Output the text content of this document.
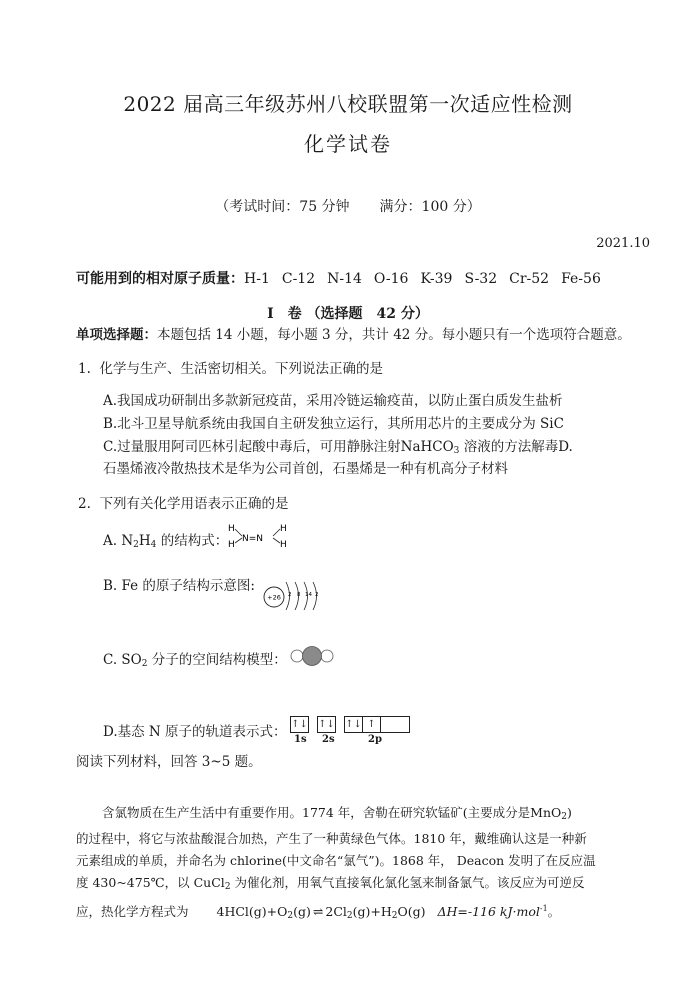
2022 届高三年级苏州八校联盟第一次适应性检测
化学试卷
（考试时间：75 分钟 满分：100 分）
2021.10
可能用到的相对原子质量：H-1 C-12 N-14 O-16 K-39 S-32 Cr-52 Fe-56
I　卷 （选择题　42 分）
单项选择题：本题包括 14 小题，每小题 3 分，共计 42 分。每小题只有一个选项符合题意。
1. 化学与生产、生活密切相关。下列说法正确的是
A.我国成功研制出多款新冠疫苗，采用冷链运输疫苗，以防止蛋白质发生盐析
B.北斗卫星导航系统由我国自主研发独立运行，其所用芯片的主要成分为 SiC
C.过量服用阿司匹林引起酸中毒后，可用静脉注射NaHCO$_3$ 溶液的方法解毒D.
石墨烯液冷散热技术是华为公司首创，石墨烯是一种有机高分子材料
2. 下列有关化学用语表示正确的是
A. $N_2H_4$ 的结构式：
H
H
N=N
H
H
B. Fe 的原子结构示意图:
+26 2 8 14 2
C. $SO_2$ 分子的空间结构模型：
D.基态 N 原子的轨道表示式： ↑↓ ↑↓ ↑↓ ↑
1s 2s	2p
阅读下列材料，回答 3~5 题。

含氯物质在生产生活中有重要作用。1774 年，舍勒在研究软锰矿(主要成分是MnO$_2$)

的过程中，将它与浓盐酸混合加热，产生了一种黄绿色气体。1810 年，戴维确认这是一种新

元素组成的单质，并命名为 chlorine(中文命名“氯气”)。1868 年， Deacon 发明了在反应温

度 430~475℃，以 CuCl$_2$ 为催化剂，用氧气直接氧化氯化氢来制备氯气。该反应为可逆反

应，热化学方程式为 $4HCl(g)+O_2(g)$ ⇌ $2Cl_2(g)+H_2O(g)$ ΔH=-116 kJ·mol$^{-1}$。
